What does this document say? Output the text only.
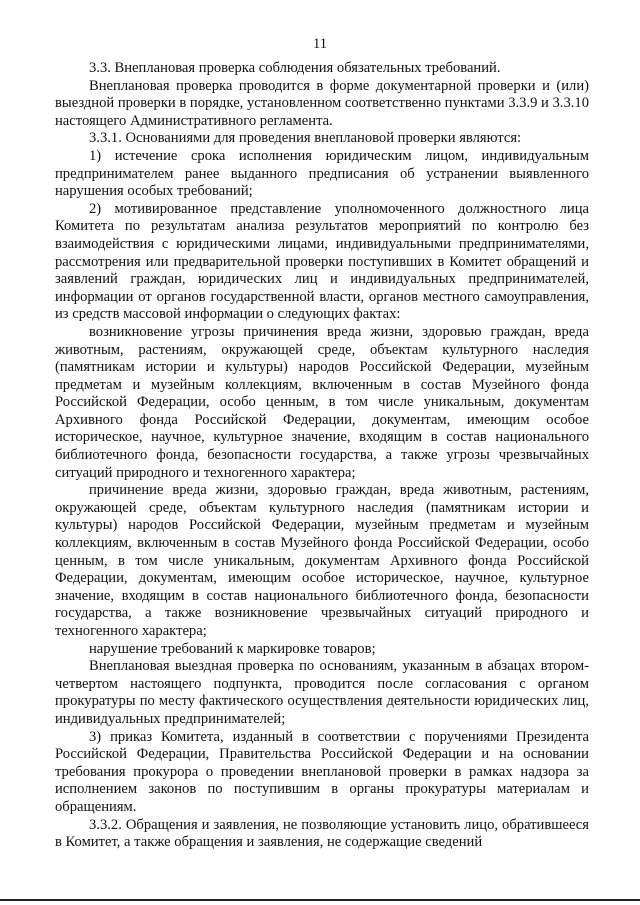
11

3.3. Внеплановая проверка соблюдения обязательных требований.

Внеплановая проверка проводится в форме документарной проверки и (или) выездной проверки в порядке, установленном соответственно пунктами 3.3.9 и 3.3.10 настоящего Административного регламента.

3.3.1. Основаниями для проведения внеплановой проверки являются:

1) истечение срока исполнения юридическим лицом, индивидуальным предпринимателем ранее выданного предписания об устранении выявленного нарушения особых требований;

2) мотивированное представление уполномоченного должностного лица Комитета по результатам анализа результатов мероприятий по контролю без взаимодействия с юридическими лицами, индивидуальными предпринимателями, рассмотрения или предварительной проверки поступивших в Комитет обращений и заявлений граждан, юридических лиц и индивидуальных предпринимателей, информации от органов государственной власти, органов местного самоуправления, из средств массовой информации о следующих фактах:

возникновение угрозы причинения вреда жизни, здоровью граждан, вреда животным, растениям, окружающей среде, объектам культурного наследия (памятникам истории и культуры) народов Российской Федерации, музейным предметам и музейным коллекциям, включенным в состав Музейного фонда Российской Федерации, особо ценным, в том числе уникальным, документам Архивного фонда Российской Федерации, документам, имеющим особое историческое, научное, культурное значение, входящим в состав национального библиотечного фонда, безопасности государства, а также угрозы чрезвычайных ситуаций природного и техногенного характера;

причинение вреда жизни, здоровью граждан, вреда животным, растениям, окружающей среде, объектам культурного наследия (памятникам истории и культуры) народов Российской Федерации, музейным предметам и музейным коллекциям, включенным в состав Музейного фонда Российской Федерации, особо ценным, в том числе уникальным, документам Архивного фонда Российской Федерации, документам, имеющим особое историческое, научное, культурное значение, входящим в состав национального библиотечного фонда, безопасности государства, а также возникновение чрезвычайных ситуаций природного и техногенного характера;

нарушение требований к маркировке товаров;

Внеплановая выездная проверка по основаниям, указанным в абзацах втором-четвертом настоящего подпункта, проводится после согласования с органом прокуратуры по месту фактического осуществления деятельности юридических лиц, индивидуальных предпринимателей;

3) приказ Комитета, изданный в соответствии с поручениями Президента Российской Федерации, Правительства Российской Федерации и на основании требования прокурора о проведении внеплановой проверки в рамках надзора за исполнением законов по поступившим в органы прокуратуры материалам и обращениям.

3.3.2. Обращения и заявления, не позволяющие установить лицо, обратившееся в Комитет, а также обращения и заявления, не содержащие сведений
